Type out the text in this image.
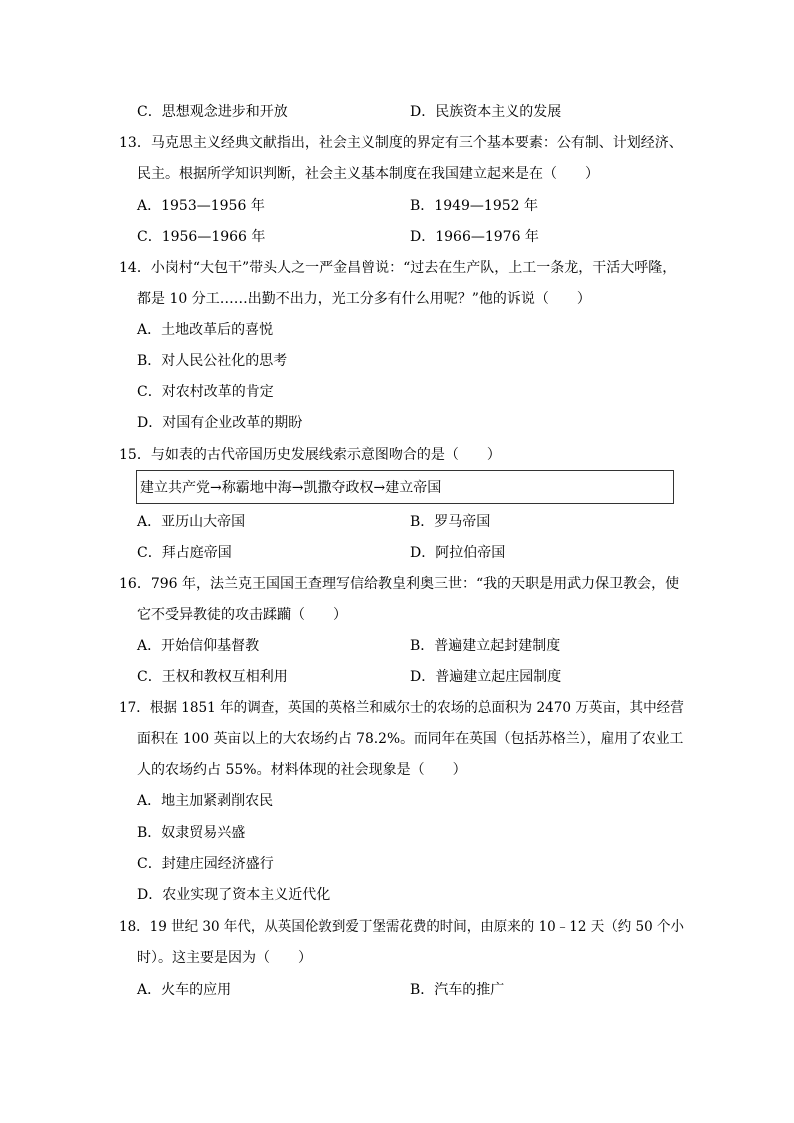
C．思想观念进步和开放	D．民族资本主义的发展
13．马克思主义经典文献指出，社会主义制度的界定有三个基本要素：公有制、计划经济、
民主。根据所学知识判断，社会主义基本制度在我国建立起来是在（　　）
A．1953—1956 年	B．1949—1952 年
C．1956—1966 年	D．1966—1976 年
14．小岗村“大包干”带头人之一严金昌曾说：“过去在生产队，上工一条龙，干活大呼隆，
都是 10 分工……出勤不出力，光工分多有什么用呢？”他的诉说（　　）
A．土地改革后的喜悦
B．对人民公社化的思考
C．对农村改革的肯定
D．对国有企业改革的期盼
15．与如表的古代帝国历史发展线索示意图吻合的是（　　）
建立共产党→称霸地中海→凯撒夺政权→建立帝国
A．亚历山大帝国	B．罗马帝国
C．拜占庭帝国	D．阿拉伯帝国
16．796 年，法兰克王国国王查理写信给教皇利奥三世：“我的天职是用武力保卫教会，使
它不受异教徒的攻击蹂躏（　　）
A．开始信仰基督教	B．普遍建立起封建制度
C．王权和教权互相利用	D．普遍建立起庄园制度
17．根据 1851 年的调查，英国的英格兰和威尔士的农场的总面积为 2470 万英亩，其中经营
面积在 100 英亩以上的大农场约占 78.2%。而同年在英国（包括苏格兰），雇用了农业工
人的农场约占 55%。材料体现的社会现象是（　　）
A．地主加紧剥削农民
B．奴隶贸易兴盛
C．封建庄园经济盛行
D．农业实现了资本主义近代化
18．19 世纪 30 年代，从英国伦敦到爱丁堡需花费的时间，由原来的 10﹣12 天（约 50 个小
时）。这主要是因为（　　）
A．火车的应用	B．汽车的推广
